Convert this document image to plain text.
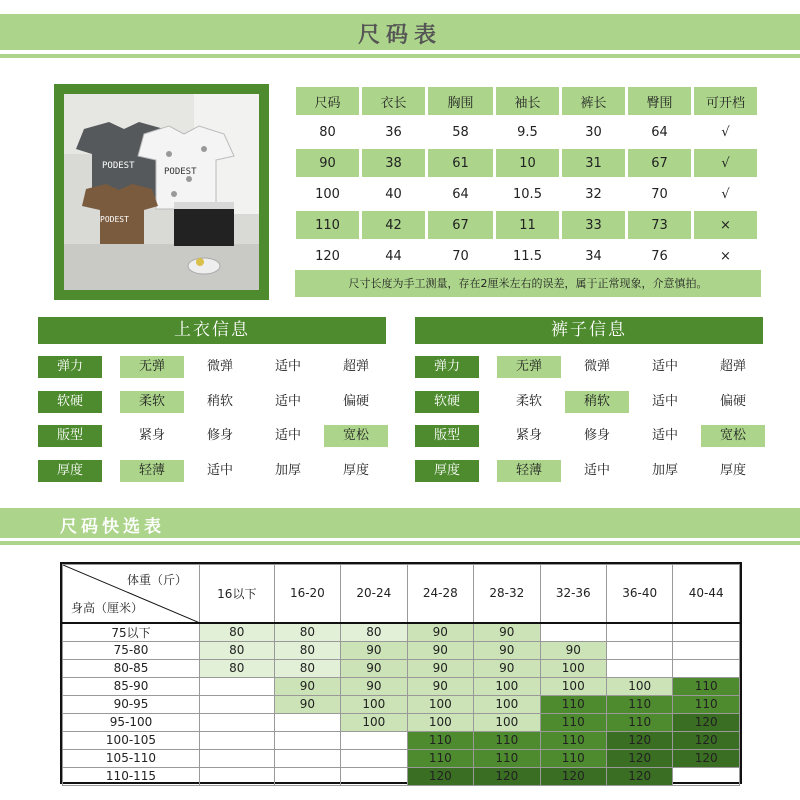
尺码表
PODEST
PODEST
PODEST
尺码	衣长	胸围	袖长	裤长	臀围	可开档
80	36	58	9.5	30	64	√
90	38	61	10	31	67	√
100	40	64	10.5	32	70	√
110	42	67	11	33	73	×
120	44	70	11.5	34	76	×
尺寸长度为手工测量，存在2厘米左右的误差，属于正常现象，介意慎拍。
上衣信息	裤子信息
弹力	无弹	微弹	适中	超弹
软硬	柔软	稍软	适中	偏硬
版型	紧身	修身	适中	宽松
厚度	轻薄	适中	加厚	厚度
弹力	无弹	微弹	适中	超弹
软硬	柔软	稍软	适中	偏硬
版型	紧身	修身	适中	宽松
厚度	轻薄	适中	加厚	厚度
尺码快选表
体重（斤）
身高（厘米）	16以下	16-20	20-24	24-28	28-32	32-36	36-40	40-44
75以下	80	80	80	90	90			
75-80	80	80	90	90	90	90		
80-85	80	80	90	90	90	100		
85-90		90	90	90	100	100	100	110
90-95		90	100	100	100	110	110	110
95-100			100	100	100	110	110	120
100-105				110	110	110	120	120
105-110				110	110	110	120	120
110-115				120	120	120	120	
